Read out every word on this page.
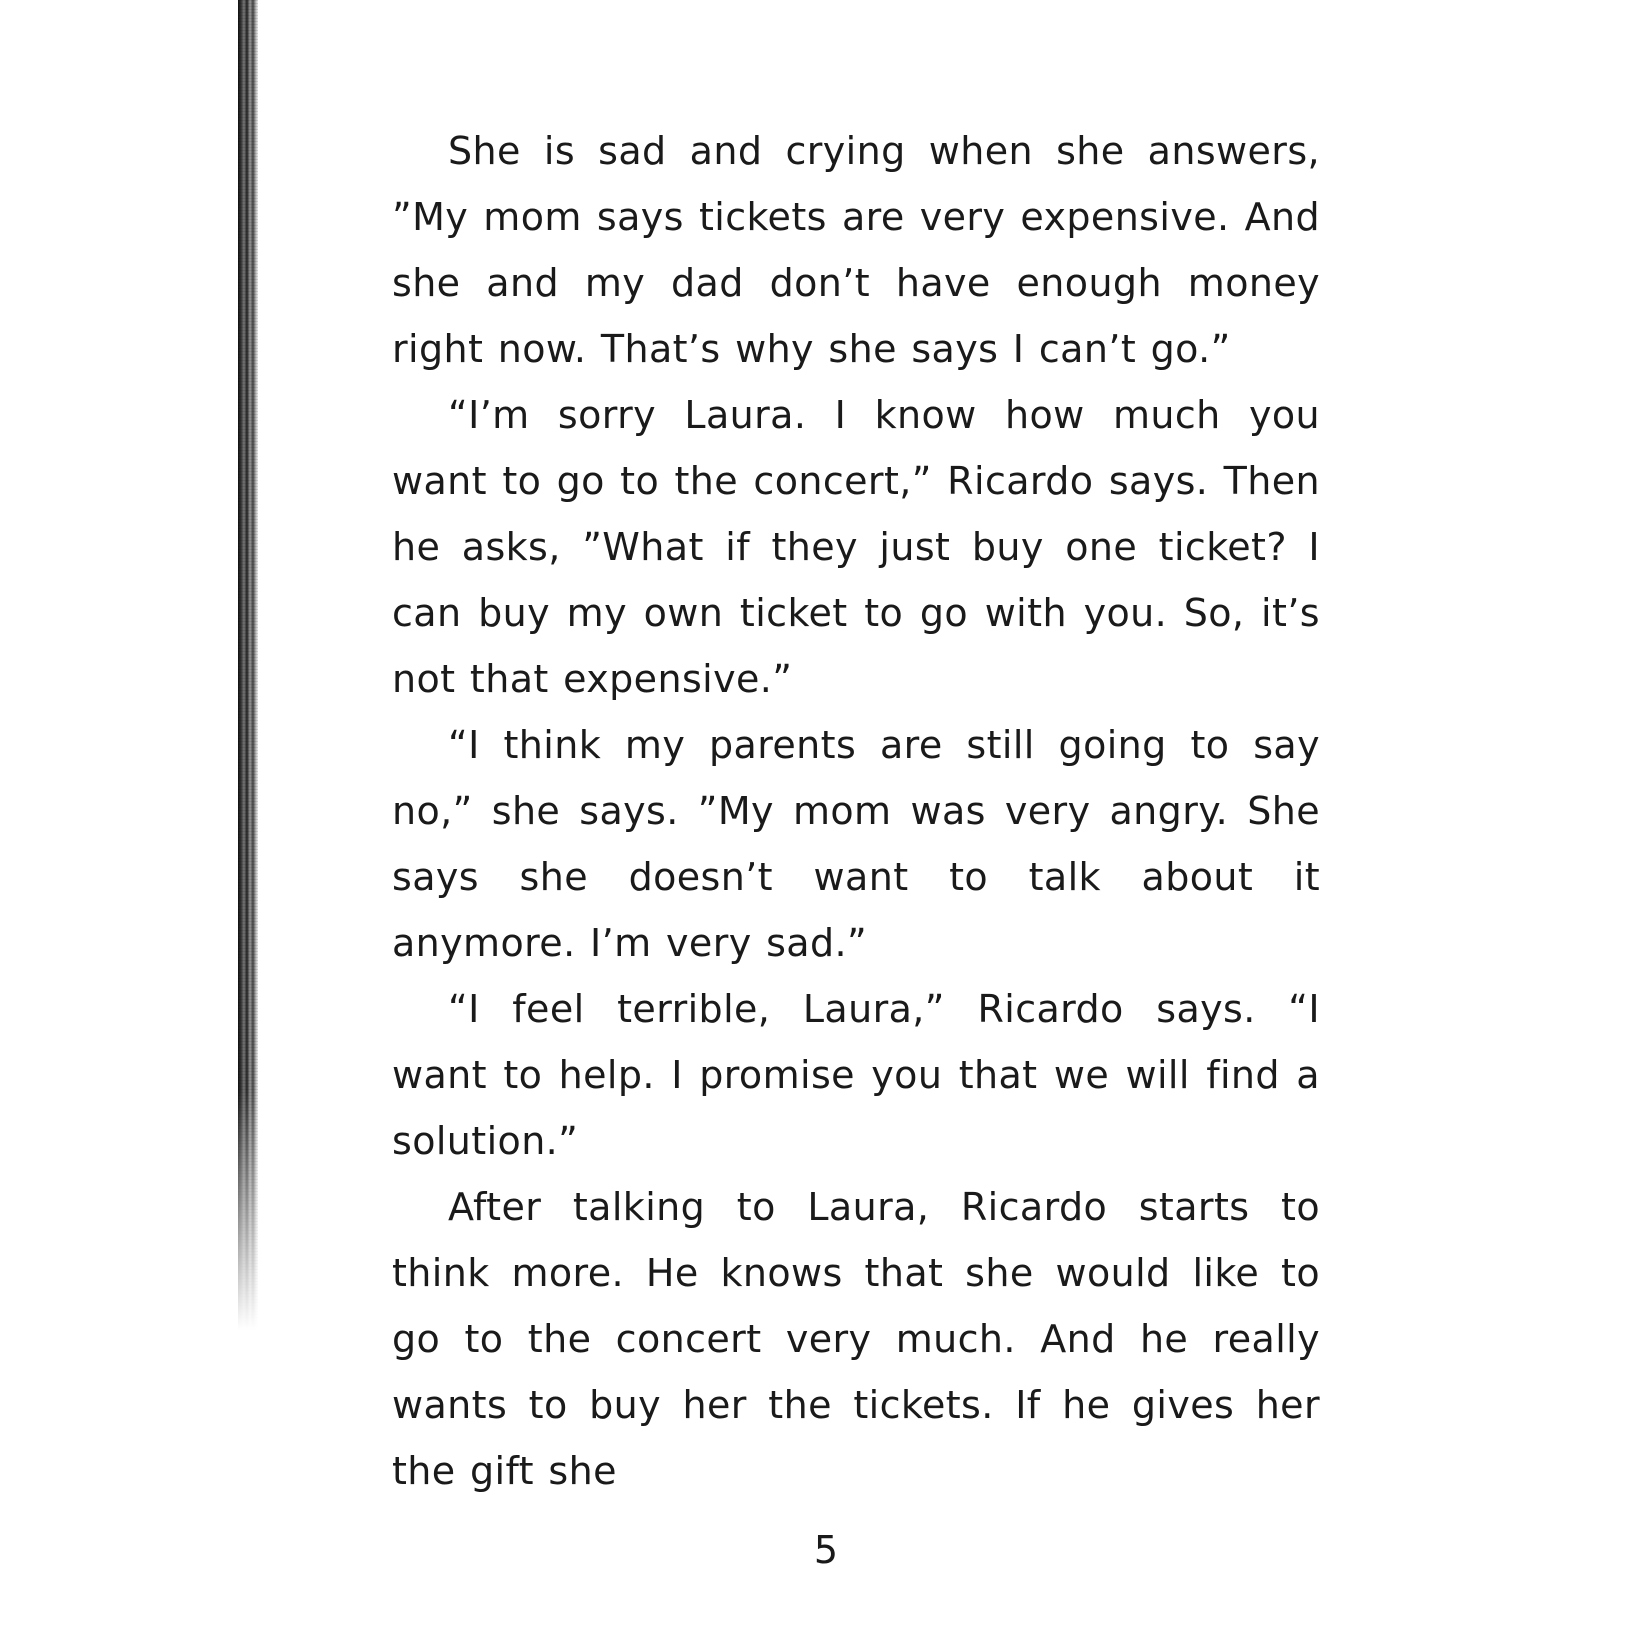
She is sad and crying when she answers, ”My mom says tickets are very expensive. And she and my dad don’t have enough money right now. That’s why she says I can’t go.”

“I’m sorry Laura. I know how much you want to go to the concert,” Ricardo says. Then he asks, ”What if they just buy one ticket? I can buy my own ticket to go with you. So, it’s not that expensive.”

“I think my parents are still going to say no,” she says. ”My mom was very angry. She says she doesn’t want to talk about it anymore. I’m very sad.”

“I feel terrible, Laura,” Ricardo says. “I want to help. I promise you that we will find a solution.”

After talking to Laura, Ricardo starts to think more. He knows that she would like to go to the concert very much. And he really wants to buy her the tickets. If he gives her the gift she

5
